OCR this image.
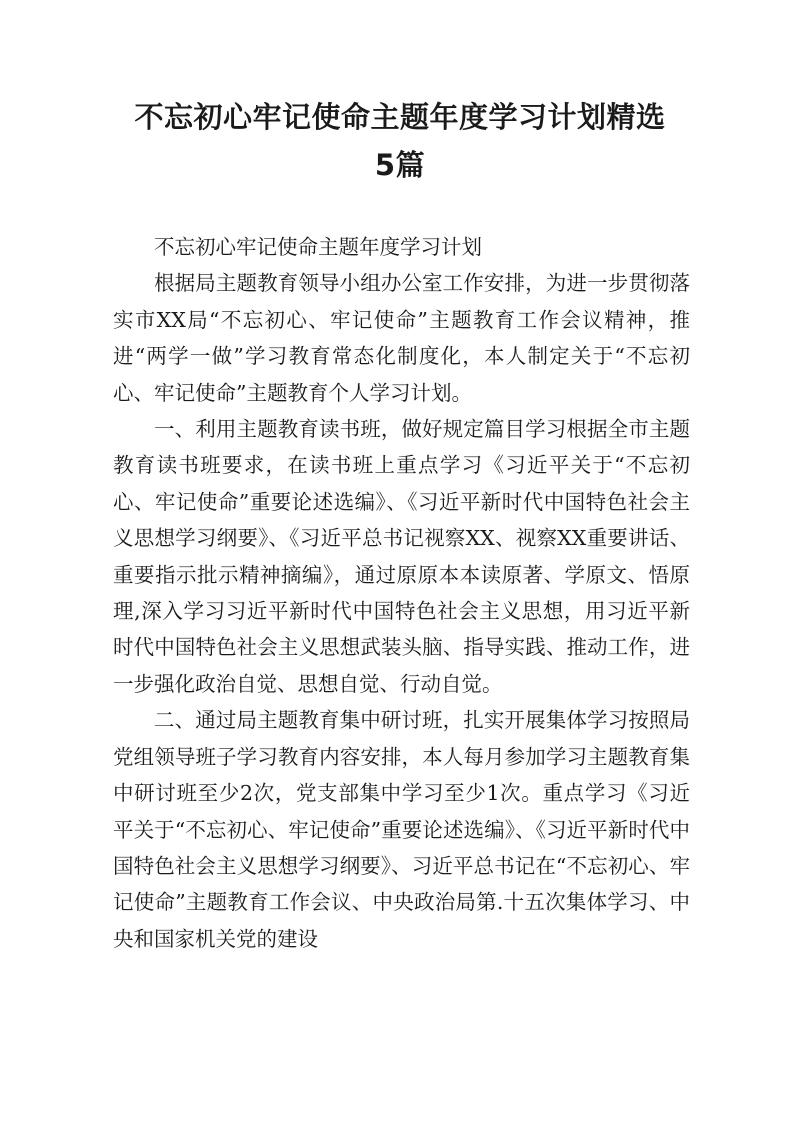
不忘初心牢记使命主题年度学习计划精选
5篇

不忘初心牢记使命主题年度学习计划

根据局主题教育领导小组办公室工作安排，为进一步贯彻落实市XX局“不忘初心、牢记使命”主题教育工作会议精神，推进“两学一做”学习教育常态化制度化，本人制定关于“不忘初心、牢记使命”主题教育个人学习计划。

一、利用主题教育读书班，做好规定篇目学习根据全市主题教育读书班要求，在读书班上重点学习《习近平关于“不忘初心、牢记使命”重要论述选编》、《习近平新时代中国特色社会主义思想学习纲要》、《习近平总书记视察XX、视察XX重要讲话、重要指示批示精神摘编》，通过原原本本读原著、学原文、悟原理,深入学习习近平新时代中国特色社会主义思想，用习近平新时代中国特色社会主义思想武装头脑、指导实践、推动工作，进一步强化政治自觉、思想自觉、行动自觉。

二、通过局主题教育集中研讨班，扎实开展集体学习按照局党组领导班子学习教育内容安排，本人每月参加学习主题教育集中研讨班至少2次，党支部集中学习至少1次。重点学习《习近平关于“不忘初心、牢记使命”重要论述选编》、《习近平新时代中国特色社会主义思想学习纲要》、习近平总书记在“不忘初心、牢记使命”主题教育工作会议、中央政治局第.十五次集体学习、中央和国家机关党的建设
